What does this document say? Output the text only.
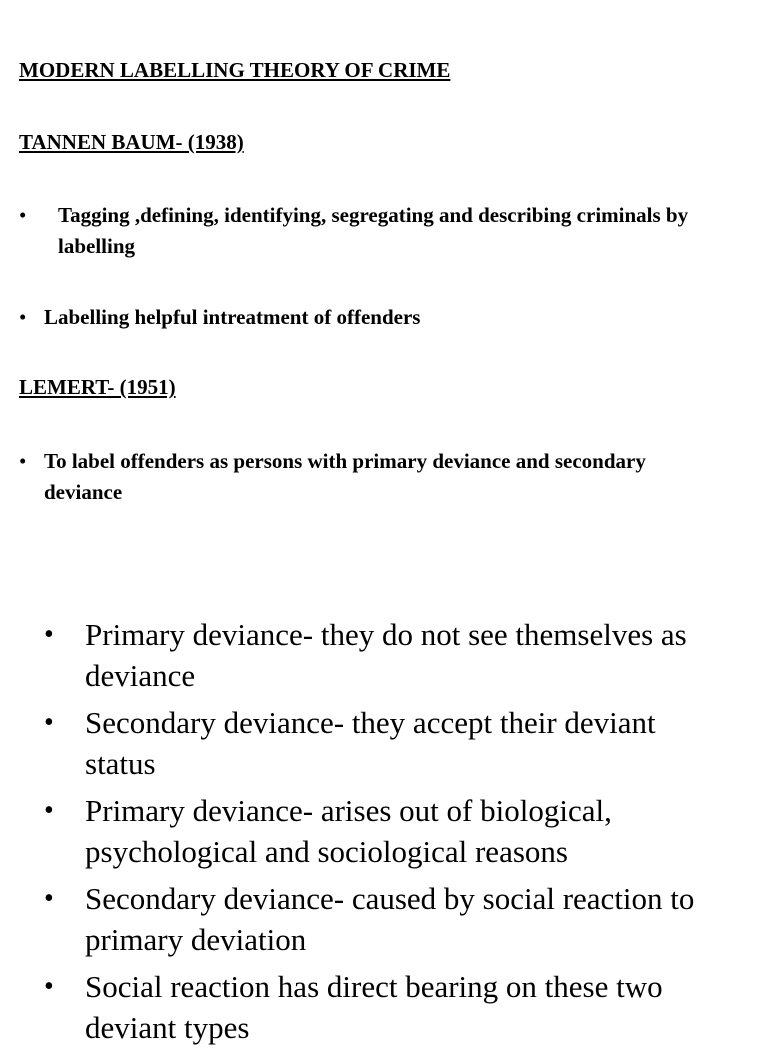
MODERN LABELLING THEORY OF CRIME
TANNEN BAUM- (1938)
• Tagging ,defining, identifying, segregating and describing criminals by labelling
• Labelling helpful intreatment of offenders
LEMERT- (1951)
• To label offenders as persons with primary deviance and secondary deviance
• Primary deviance- they do not see themselves as deviance
• Secondary deviance- they accept their deviant status
• Primary deviance- arises out of biological, psychological and sociological reasons
• Secondary deviance- caused by social reaction to primary deviation
• Social reaction has direct bearing on these two deviant types
